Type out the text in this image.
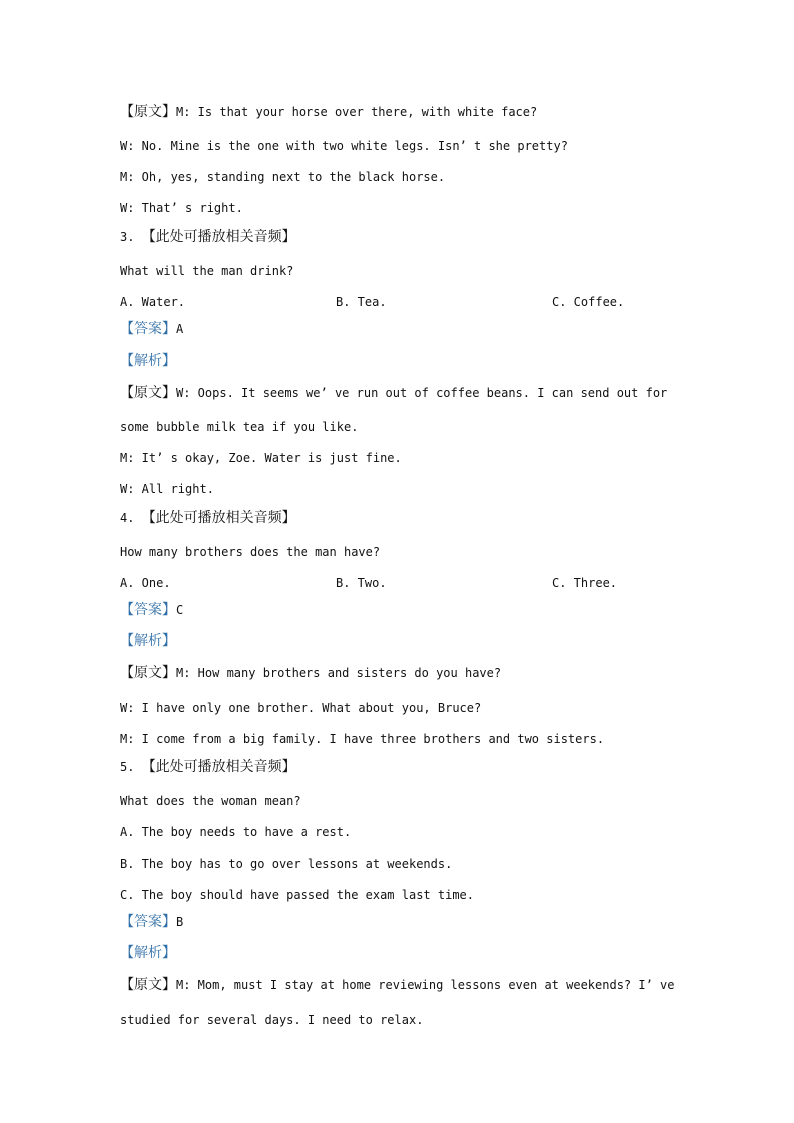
【原文】M: Is that your horse over there, with white face?
W: No. Mine is the one with two white legs. Isn’ t she pretty?
M: Oh, yes, standing next to the black horse.
W: That’ s right.
3. 【此处可播放相关音频】
What will the man drink?
A. Water.	B. Tea.	C. Coffee.
【答案】A
【解析】
【原文】W: Oops. It seems we’ ve run out of coffee beans. I can send out for
some bubble milk tea if you like.
M: It’ s okay, Zoe. Water is just fine.
W: All right.
4. 【此处可播放相关音频】
How many brothers does the man have?
A. One.	B. Two.	C. Three.
【答案】C
【解析】
【原文】M: How many brothers and sisters do you have?
W: I have only one brother. What about you, Bruce?
M: I come from a big family. I have three brothers and two sisters.
5. 【此处可播放相关音频】
What does the woman mean?
A. The boy needs to have a rest.
B. The boy has to go over lessons at weekends.
C. The boy should have passed the exam last time.
【答案】B
【解析】
【原文】M: Mom, must I stay at home reviewing lessons even at weekends? I’ ve
studied for several days. I need to relax.
